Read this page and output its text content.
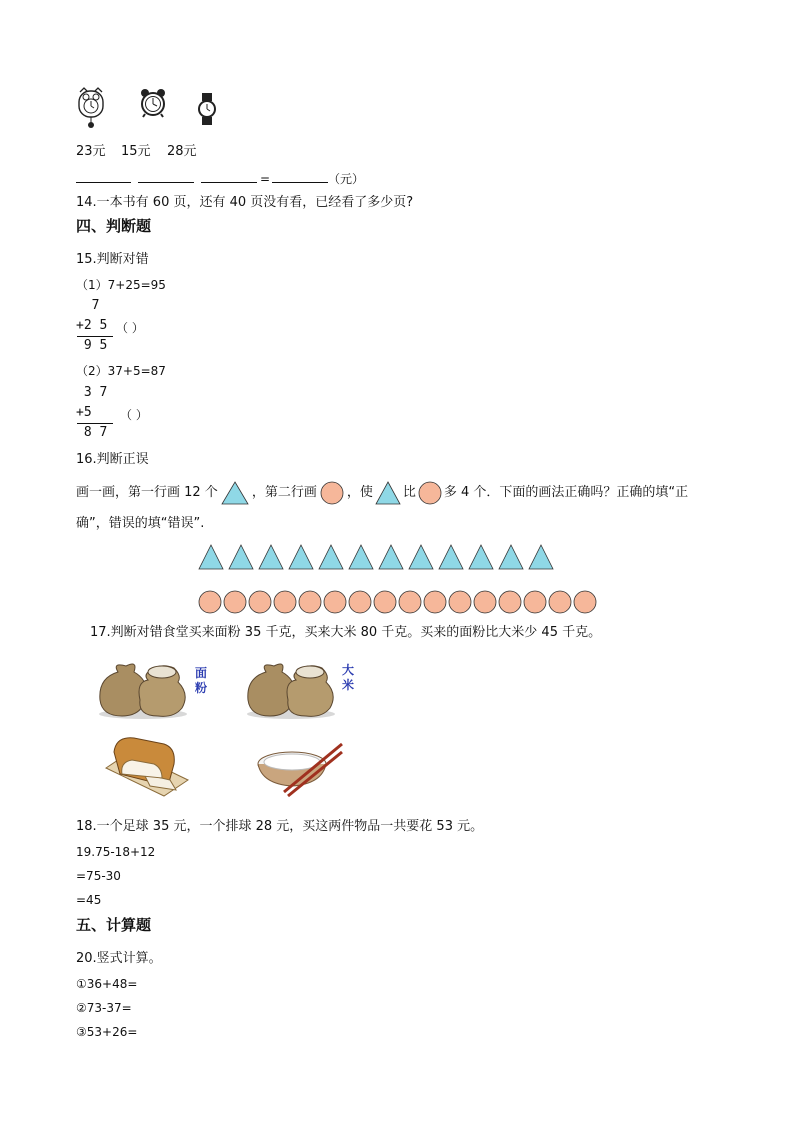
23元 15元 28元
=	（元）
14.一本书有 60 页，还有 40 页没有看，已经看了多少页?
四、判断题
15.判断对错
（1）7+25=95
7
+2 5
9 5
（ ）
（2）37+5=87
3 7
+5
8 7
（ ）
16.判断正误
画一画，第一行画 12 个	，第二行画 ，使 比 多 4 个．下面的画法正确吗？正确的填“正
确”，错误的填“错误”.
17.判断对错食堂买来面粉 35 千克，买来大米 80 千克。买来的面粉比大米少 45 千克。
面
粉
大
米
18.一个足球 35 元，一个排球 28 元，买这两件物品一共要花 53 元。
19.75-18+12
=75-30
=45
五、计算题
20.竖式计算。
①36+48=
②73-37=
③53+26=
